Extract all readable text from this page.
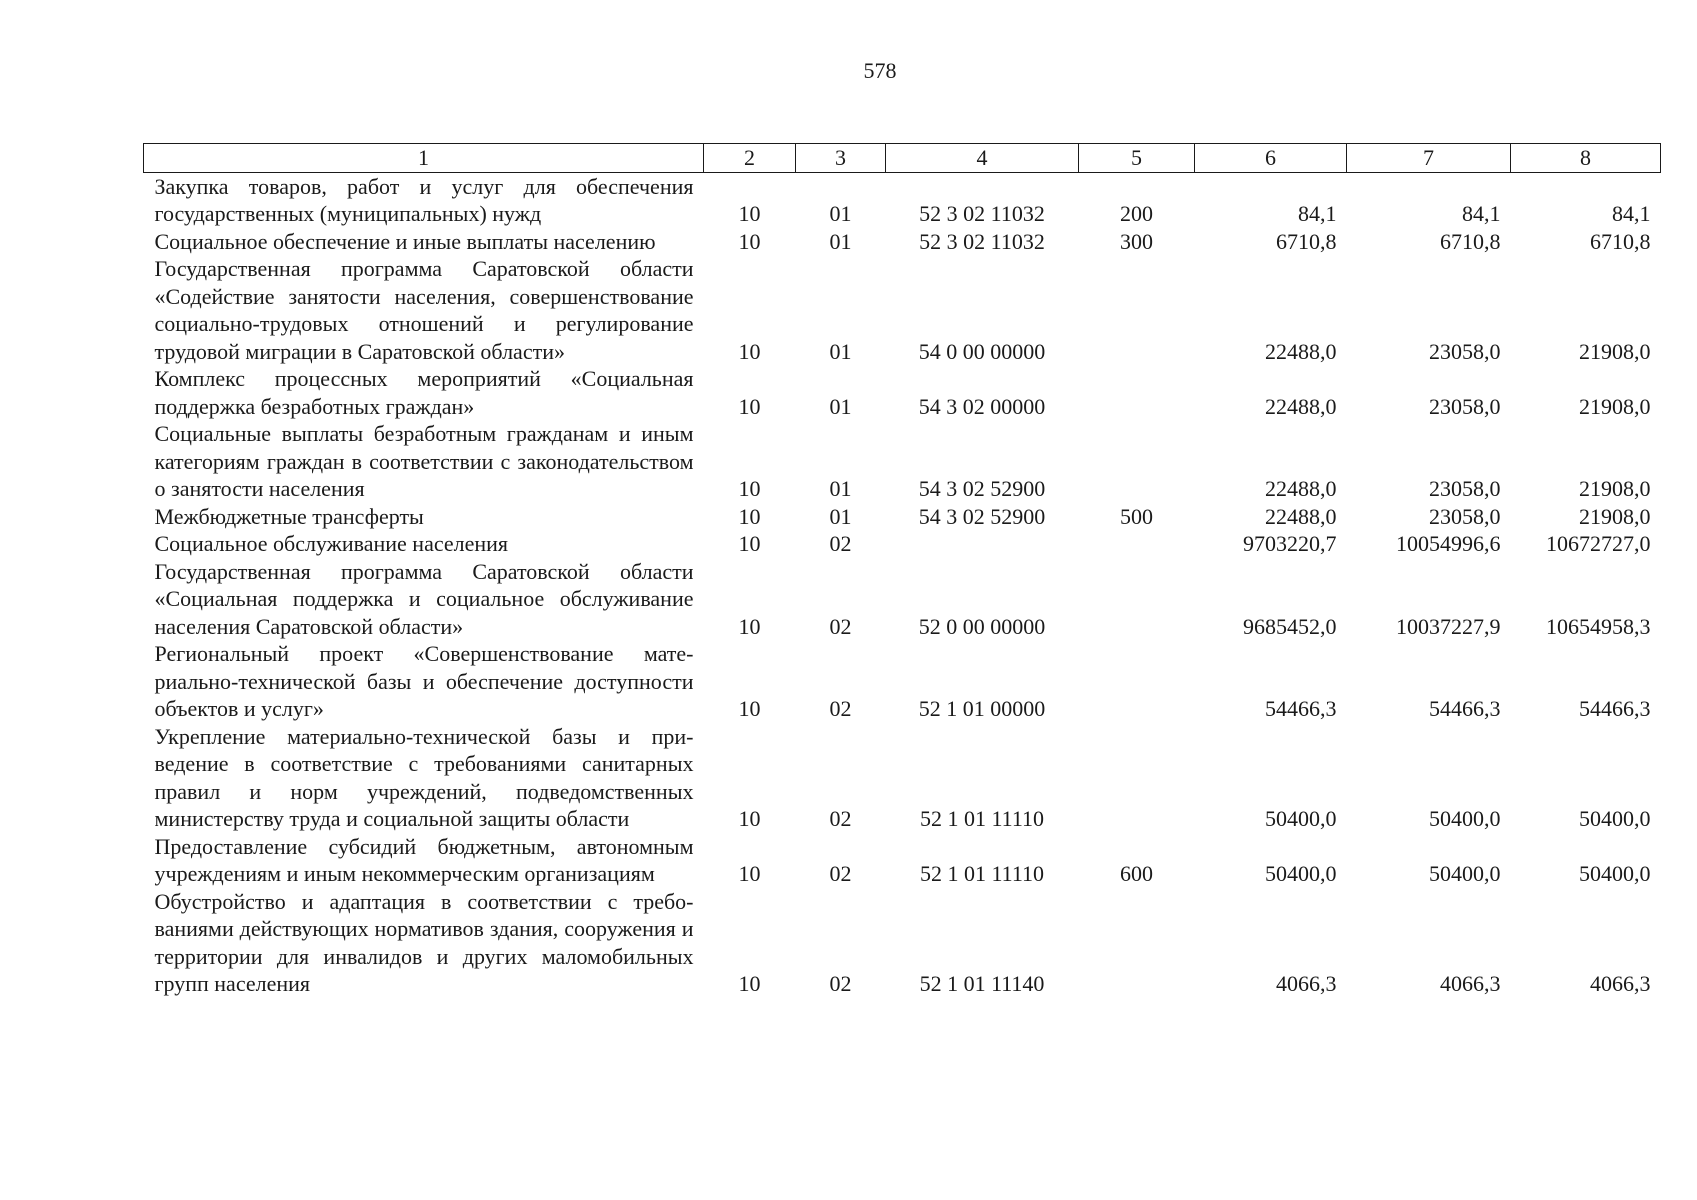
578
1	2	3	4	5	6	7	8
Закупка товаров, работ и услуг для обеспечения государственных (муниципальных) нужд	10	01	52 3 02 11032	200	84,1	84,1	84,1
Социальное обеспечение и иные выплаты населению	10	01	52 3 02 11032	300	6710,8	6710,8	6710,8
Государственная программа Саратовской области «Содействие занятости населения, совершенствование социально-трудовых отношений и регулирование трудовой миграции в Саратовской области»	10	01	54 0 00 00000		22488,0	23058,0	21908,0
Комплекс процессных мероприятий «Социальная поддержка безработных граждан»	10	01	54 3 02 00000		22488,0	23058,0	21908,0
Социальные выплаты безработным гражданам и иным категориям граждан в соответствии с законодательством о занятости населения	10	01	54 3 02 52900		22488,0	23058,0	21908,0
Межбюджетные трансферты	10	01	54 3 02 52900	500	22488,0	23058,0	21908,0
Социальное обслуживание населения	10	02			9703220,7	10054996,6	10672727,0
Государственная программа Саратовской области «Социальная поддержка и социальное обслуживание населения Саратовской области»	10	02	52 0 00 00000		9685452,0	10037227,9	10654958,3
Региональный проект «Совершенствование материально-технической базы и обеспечение доступности объектов и услуг»	10	02	52 1 01 00000		54466,3	54466,3	54466,3
Укрепление материально-технической базы и приведение в соответствие с требованиями санитарных правил и норм учреждений, подведомственных министерству труда и социальной защиты области	10	02	52 1 01 11110		50400,0	50400,0	50400,0
Предоставление субсидий бюджетным, автономным учреждениям и иным некоммерческим организациям	10	02	52 1 01 11110	600	50400,0	50400,0	50400,0
Обустройство и адаптация в соответствии с требованиями действующих нормативов здания, сооружения и территории для инвалидов и других маломобильных групп населения	10	02	52 1 01 11140		4066,3	4066,3	4066,3
